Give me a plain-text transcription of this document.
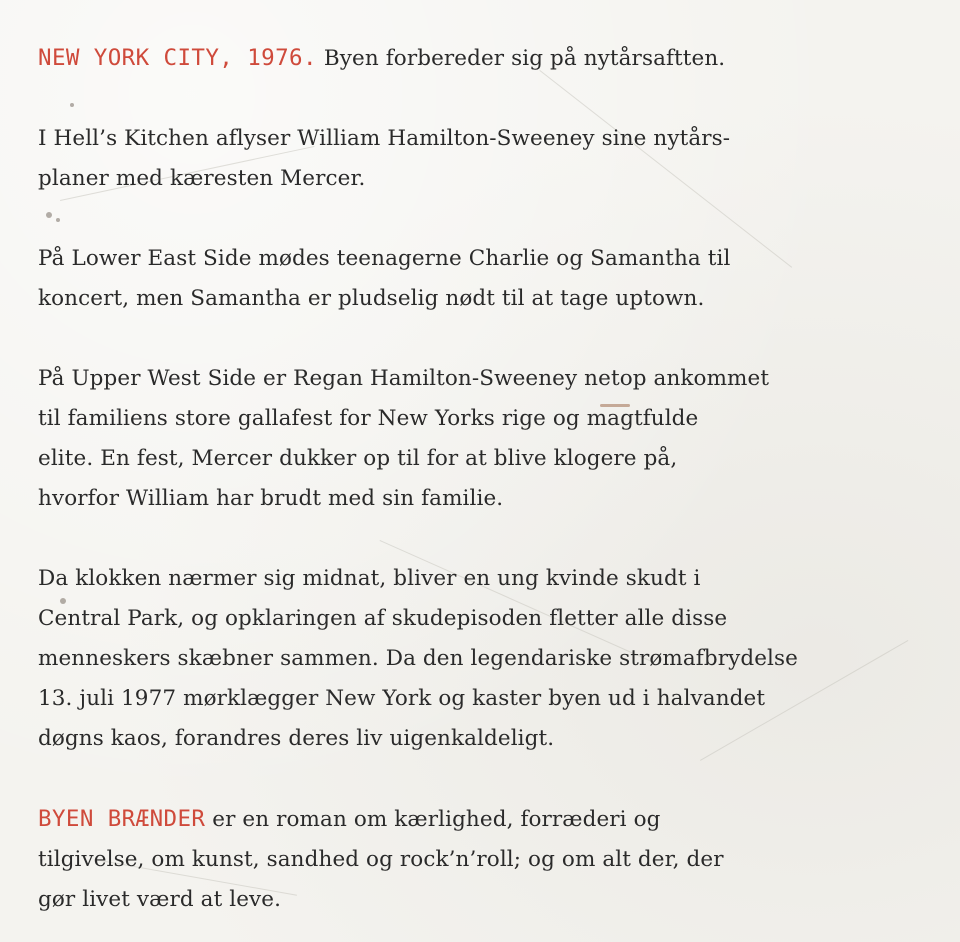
NEW YORK CITY, 1976. Byen forbereder sig på nytårsaftten.

I Hell’s Kitchen aflyser William Hamilton-Sweeney sine nytårs-
planer med kæresten Mercer.

På Lower East Side mødes teenagerne Charlie og Samantha til
koncert, men Samantha er pludselig nødt til at tage uptown.

På Upper West Side er Regan Hamilton-Sweeney netop ankommet
til familiens store gallafest for New Yorks rige og magtfulde
elite. En fest, Mercer dukker op til for at blive klogere på,
hvorfor William har brudt med sin familie.

Da klokken nærmer sig midnat, bliver en ung kvinde skudt i
Central Park, og opklaringen af skudepisoden fletter alle disse
menneskers skæbner sammen. Da den legendariske strømafbrydelse
13. juli 1977 mørklægger New York og kaster byen ud i halvandet
døgns kaos, forandres deres liv uigenkaldeligt.

BYEN BRÆNDER er en roman om kærlighed, forræderi og
tilgivelse, om kunst, sandhed og rock’n’roll; og om alt der, der
gør livet værd at leve.
